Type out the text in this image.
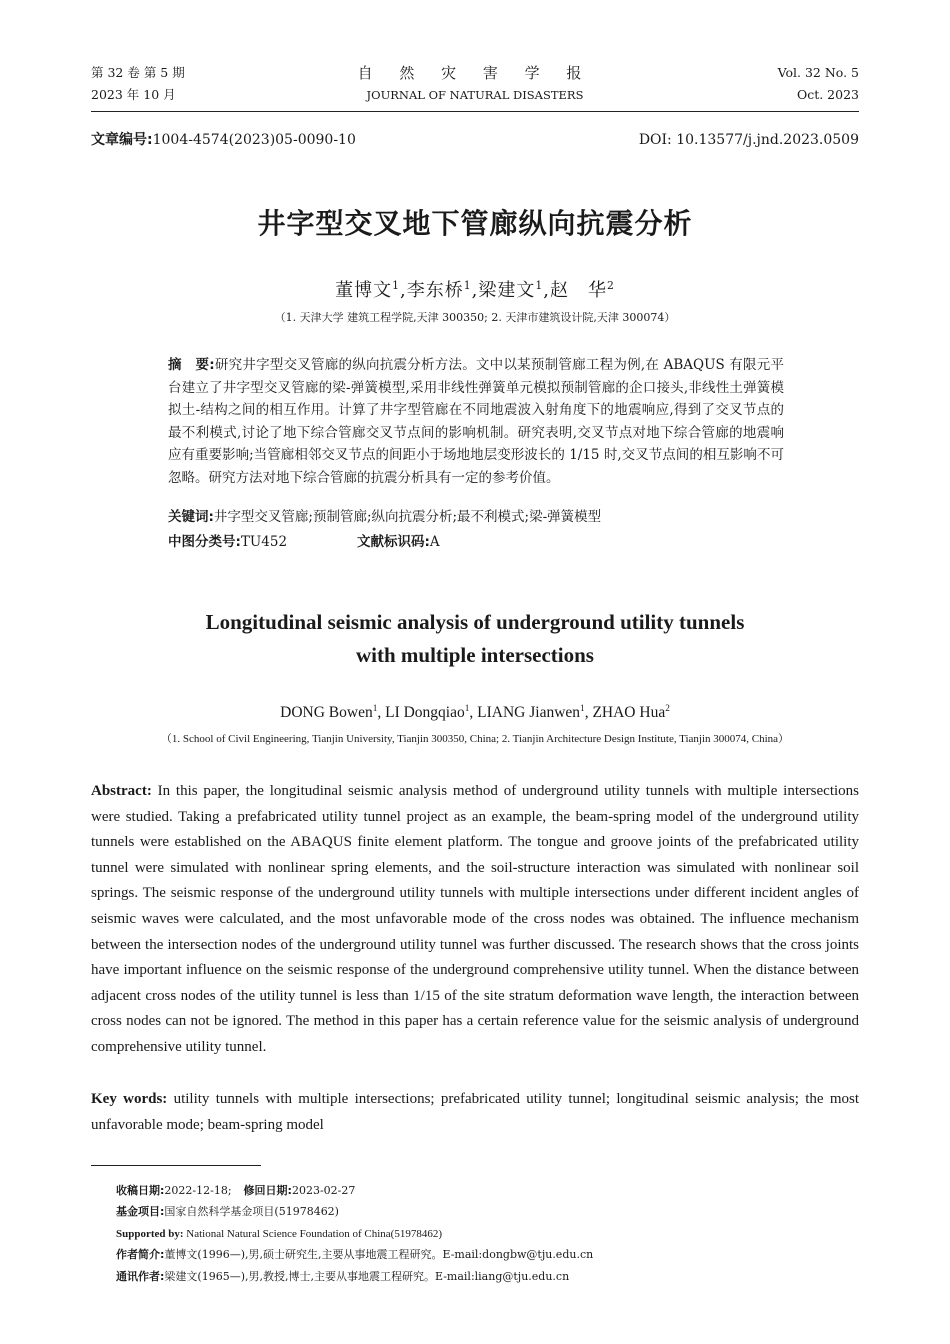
第 32 卷 第 5 期
2023 年 10 月
自 然 灾 害 学 报
JOURNAL OF NATURAL DISASTERS
Vol. 32 No. 5
Oct. 2023
文章编号:1004-4574(2023)05-0090-10	DOI: 10.13577/j.jnd.2023.0509
井字型交叉地下管廊纵向抗震分析
董博文$^1$,李东桥$^1$,梁建文$^1$,赵　华$^2$
（1. 天津大学 建筑工程学院,天津 300350; 2. 天津市建筑设计院,天津 300074）
摘　要:研究井字型交叉管廊的纵向抗震分析方法。文中以某预制管廊工程为例,在 ABAQUS 有限元平台建立了井字型交叉管廊的梁-弹簧模型,采用非线性弹簧单元模拟预制管廊的企口接头,非线性土弹簧模拟土-结构之间的相互作用。计算了井字型管廊在不同地震波入射角度下的地震响应,得到了交叉节点的最不利模式,讨论了地下综合管廊交叉节点间的影响机制。研究表明,交叉节点对地下综合管廊的地震响应有重要影响;当管廊相邻交叉节点的间距小于场地地层变形波长的 1/15 时,交叉节点间的相互影响不可忽略。研究方法对地下综合管廊的抗震分析具有一定的参考价值。
关键词:井字型交叉管廊;预制管廊;纵向抗震分析;最不利模式;梁-弹簧模型
中图分类号:TU452	文献标识码:A
Longitudinal seismic analysis of underground utility tunnels
with multiple intersections
DONG Bowen$^1$, LI Dongqiao$^1$, LIANG Jianwen$^1$, ZHAO Hua$^2$
（1. School of Civil Engineering, Tianjin University, Tianjin 300350, China; 2. Tianjin Architecture Design Institute, Tianjin 300074, China）
Abstract: In this paper, the longitudinal seismic analysis method of underground utility tunnels with multiple intersections were studied. Taking a prefabricated utility tunnel project as an example, the beam-spring model of the underground utility tunnels were established on the ABAQUS finite element platform. The tongue and groove joints of the prefabricated utility tunnel were simulated with nonlinear spring elements, and the soil-structure interaction was simulated with nonlinear soil springs. The seismic response of the underground utility tunnels with multiple intersections under different incident angles of seismic waves were calculated, and the most unfavorable mode of the cross nodes was obtained. The influence mechanism between the intersection nodes of the underground utility tunnel was further discussed. The research shows that the cross joints have important influence on the seismic response of the underground comprehensive utility tunnel. When the distance between adjacent cross nodes of the utility tunnel is less than 1/15 of the site stratum deformation wave length, the interaction between cross nodes can not be ignored. The method in this paper has a certain reference value for the seismic analysis of underground comprehensive utility tunnel.
Key words: utility tunnels with multiple intersections; prefabricated utility tunnel; longitudinal seismic analysis; the most unfavorable mode; beam-spring model
收稿日期:2022-12-18; 修回日期:2023-02-27
基金项目:国家自然科学基金项目(51978462)
Supported by: National Natural Science Foundation of China(51978462)
作者简介:董博文(1996—),男,硕士研究生,主要从事地震工程研究。E-mail:dongbw@tju.edu.cn
通讯作者:梁建文(1965—),男,教授,博士,主要从事地震工程研究。E-mail:liang@tju.edu.cn
